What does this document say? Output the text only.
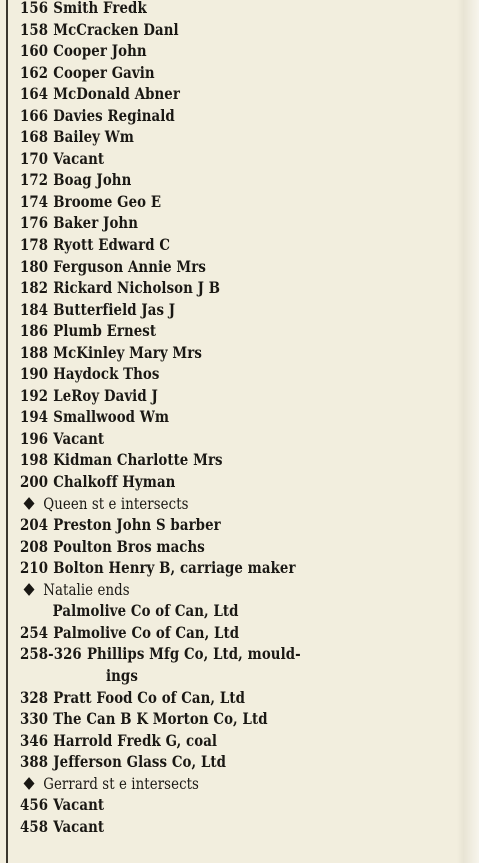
156 Smith Fredk
158 McCracken Danl
160 Cooper John
162 Cooper Gavin
164 McDonald Abner
166 Davies Reginald
168 Bailey Wm
170 Vacant
172 Boag John
174 Broome Geo E
176 Baker John
178 Ryott Edward C
180 Ferguson Annie Mrs
182 Rickard Nicholson J B
184 Butterfield Jas J
186 Plumb Ernest
188 McKinley Mary Mrs
190 Haydock Thos
192 LeRoy David J
194 Smallwood Wm
196 Vacant
198 Kidman Charlotte Mrs
200 Chalkoff Hyman
Queen st e intersects
204 Preston John S barber
208 Poulton Bros machs
210 Bolton Henry B, carriage maker
Natalie ends
Palmolive Co of Can, Ltd
254 Palmolive Co of Can, Ltd
258-326 Phillips Mfg Co, Ltd, mould-
ings
328 Pratt Food Co of Can, Ltd
330 The Can B K Morton Co, Ltd
346 Harrold Fredk G, coal
388 Jefferson Glass Co, Ltd
Gerrard st e intersects
456 Vacant
458 Vacant
